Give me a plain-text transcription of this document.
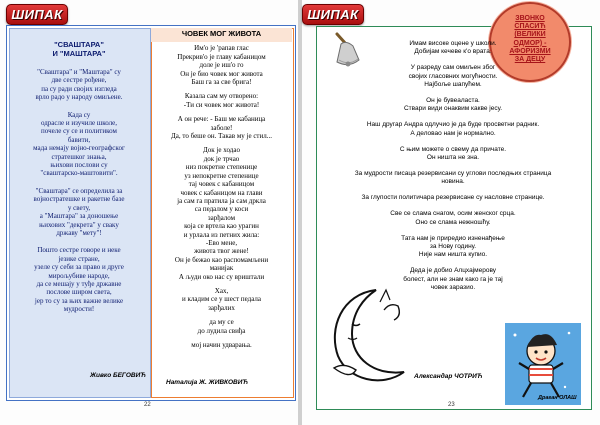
ШИПАК
"СВАШТАРА"
И "МАШТАРА"

"Сваштара" и "Маштара" су
две сестре рођене,
па су ради својих изгледа
врло радо у народу омиљене.

Када су
одрасле и изучиле школе,
почеле су се и политиком
бавити,
мада немају војно-географског
стратешког знања,
њихови послови су
"сваштарско-маштовити".

"Сваштара" се определила за
војностратешке и ракетне базе
у свету,
а "Маштара" за доношење
њихових "декрета" у сваку
државу "мету"!

Пошто сестре говоре и неке
језике стране,
узеле су себи за право и друге
мирољубиве народе,
да се мешају у туђе државне
послове широм света,
јер то су за њих важне велике
мудрости!

Живко БЕГОВИЋ
ЧОВЕК МОГ ЖИВОТА

Им'о је 'рапав глас
Прекрив'о је главу кабаницом
доле је иш'о го
Он је био човек мог живота
Баш га за све брига!

Казала сам му отворено:
-Ти си човек мог живота!

А он рече: - Баш ме кабаница
заболе!
Да, то беше он. Такав му је стил...

Док је ходао
док је трчао
низ покретне степенице
уз непокретне степенице
тај човек с кабаницом
човек с кабаницом на глави
ја сам га пратила ја сам дркла
са педалом у коси
зарђалом
која се вртела као урагин
и урлала из петних жила:
-Ево мене,
живота твог жене!
Он је бежао као распомамљени
манијак
А људи око нас су вриштали

Хах,
и кладим се у шест педала
зарђалих

да му се
до лудила свиђа

мој начин удварања.

Наталија Ж. ЖИВКОВИЋ
22
ШИПАК	ЗВОНКО
СПАСИЋ
(ВЕЛИКИ
ОДМОР) -
АФОРИЗМИ
ЗА ДЕЦУ

Имам високе оцене у школи.
Добијам кечеве к'о врата.

У разреду сам омиљен због
својих гласовних могућности.
Најбоље шапућем.

Он је бувеаласта.
Ствари види онаквим какве јесу.

Наш другар Андра одлучио је да буде просветни радник.
А деловао нам је нормално.

С њим можете о свему да причате.
Он ништа не зна.

За мудрости писаца резервисани су углови последњих страница
новина.

За глупости политичара резервисане су насловне странице.

Све се слама снагом, осим женског срца.
Оно се слама нежношћу.

Тата нам је приредио изненађење
за Нову годину.
Није нам ништа купио.

Деда је добио Алцхајмерову
болест, али не знам како га је тај
човек заразио.

Александар ЧОТРИЋ
Драган ОЛАШ
23
